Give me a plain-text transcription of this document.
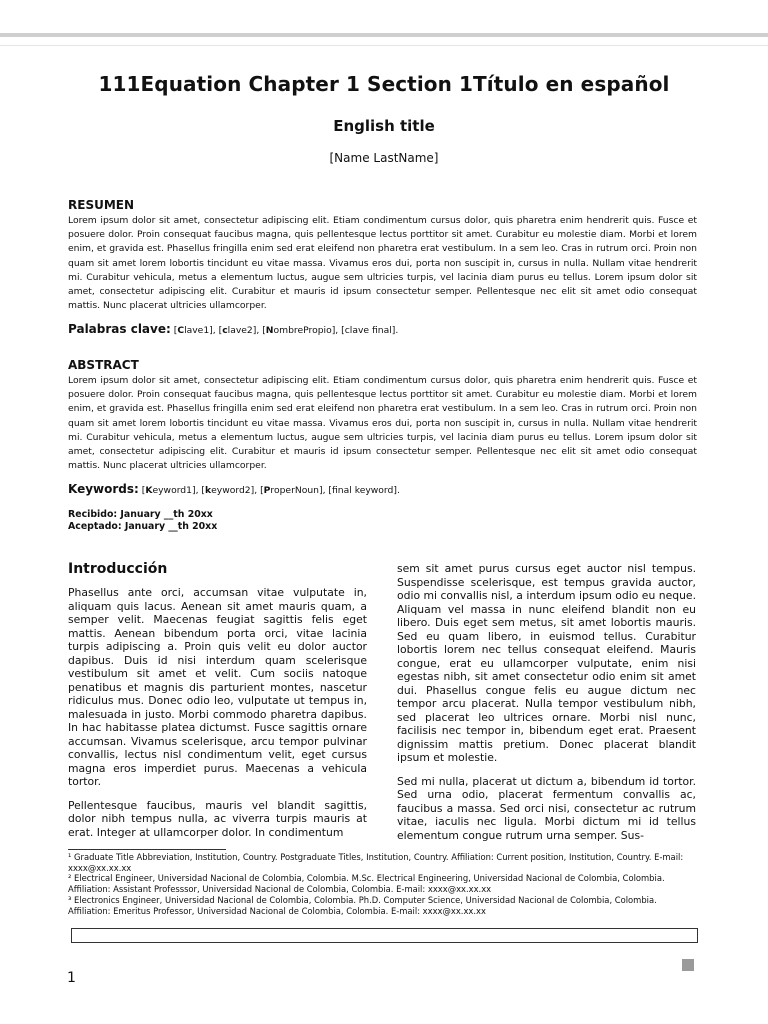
111Equation Chapter 1 Section 1Título en español
English title
[Name LastName]
RESUMEN
Lorem ipsum dolor sit amet, consectetur adipiscing elit. Etiam condimentum cursus dolor, quis pharetra enim hendrerit quis. Fusce et posuere dolor. Proin consequat faucibus magna, quis pellentesque lectus porttitor sit amet. Curabitur eu molestie diam. Morbi et lorem enim, et gravida est. Phasellus fringilla enim sed erat eleifend non pharetra erat vestibulum. In a sem leo. Cras in rutrum orci. Proin non quam sit amet lorem lobortis tincidunt eu vitae massa. Vivamus eros dui, porta non suscipit in, cursus in nulla. Nullam vitae hendrerit mi. Curabitur vehicula, metus a elementum luctus, augue sem ultricies turpis, vel lacinia diam purus eu tellus. Lorem ipsum dolor sit amet, consectetur adipiscing elit. Curabitur et mauris id ipsum consectetur semper. Pellentesque nec elit sit amet odio consequat mattis. Nunc placerat ultricies ullamcorper.
Palabras clave: [Clave1], [clave2], [NombrePropio], [clave final].
ABSTRACT
Lorem ipsum dolor sit amet, consectetur adipiscing elit. Etiam condimentum cursus dolor, quis pharetra enim hendrerit quis. Fusce et posuere dolor. Proin consequat faucibus magna, quis pellentesque lectus porttitor sit amet. Curabitur eu molestie diam. Morbi et lorem enim, et gravida est. Phasellus fringilla enim sed erat eleifend non pharetra erat vestibulum. In a sem leo. Cras in rutrum orci. Proin non quam sit amet lorem lobortis tincidunt eu vitae massa. Vivamus eros dui, porta non suscipit in, cursus in nulla. Nullam vitae hendrerit mi. Curabitur vehicula, metus a elementum luctus, augue sem ultricies turpis, vel lacinia diam purus eu tellus. Lorem ipsum dolor sit amet, consectetur adipiscing elit. Curabitur et mauris id ipsum consectetur semper. Pellentesque nec elit sit amet odio consequat mattis. Nunc placerat ultricies ullamcorper.
Keywords: [Keyword1], [keyword2], [ProperNoun], [final keyword].
Recibido: January __th 20xx
Aceptado: January __th 20xx
Introducción

Phasellus ante orci, accumsan vitae vulputate in, aliquam quis lacus. Aenean sit amet mauris quam, a semper velit. Maecenas feugiat sagittis felis eget mattis. Aenean bibendum porta orci, vitae lacinia turpis adipiscing a. Proin quis velit eu dolor auctor dapibus. Duis id nisi interdum quam scelerisque vestibulum sit amet et velit. Cum sociis natoque penatibus et magnis dis parturient montes, nascetur ridiculus mus. Donec odio leo, vulputate ut tempus in, malesuada in justo. Morbi commodo pharetra dapibus. In hac habitasse platea dictumst. Fusce sagittis ornare accumsan. Vivamus scelerisque, arcu tempor pulvinar convallis, lectus nisl condimentum velit, eget cursus magna eros imperdiet purus. Maecenas a vehicula tortor.

Pellentesque faucibus, mauris vel blandit sagittis, dolor nibh tempus nulla, ac viverra turpis mauris at erat. Integer at ullamcorper dolor. In condimentum

sem sit amet purus cursus eget auctor nisl tempus. Suspendisse scelerisque, est tempus gravida auctor, odio mi convallis nisl, a interdum ipsum odio eu neque. Aliquam vel massa in nunc eleifend blandit non eu libero. Duis eget sem metus, sit amet lobortis mauris. Sed eu quam libero, in euismod tellus. Curabitur lobortis lorem nec tellus consequat eleifend. Mauris congue, erat eu ullamcorper vulputate, enim nisi egestas nibh, sit amet consectetur odio enim sit amet dui. Phasellus congue felis eu augue dictum nec tempor arcu placerat. Nulla tempor vestibulum nibh, sed placerat leo ultrices ornare. Morbi nisl nunc, facilisis nec tempor in, bibendum eget erat. Praesent dignissim mattis pretium. Donec placerat blandit ipsum et molestie.

Sed mi nulla, placerat ut dictum a, bibendum id tortor. Sed urna odio, placerat fermentum convallis ac, faucibus a massa. Sed orci nisi, consectetur ac rutrum vitae, iaculis nec ligula. Morbi dictum mi id tellus elementum congue rutrum urna semper. Sus-

¹ Graduate Title Abbreviation, Institution, Country. Postgraduate Titles, Institution, Country. Affiliation: Current position, Institution, Country. E-mail: xxxx@xx.xx.xx
² Electrical Engineer, Universidad Nacional de Colombia, Colombia. M.Sc. Electrical Engineering, Universidad Nacional de Colombia, Colombia. Affiliation: Assistant Professsor, Universidad Nacional de Colombia, Colombia. E-mail: xxxx@xx.xx.xx
³ Electronics Engineer, Universidad Nacional de Colombia, Colombia. Ph.D. Computer Science, Universidad Nacional de Colombia, Colombia. Affiliation: Emeritus Professor, Universidad Nacional de Colombia, Colombia. E-mail: xxxx@xx.xx.xx
1
